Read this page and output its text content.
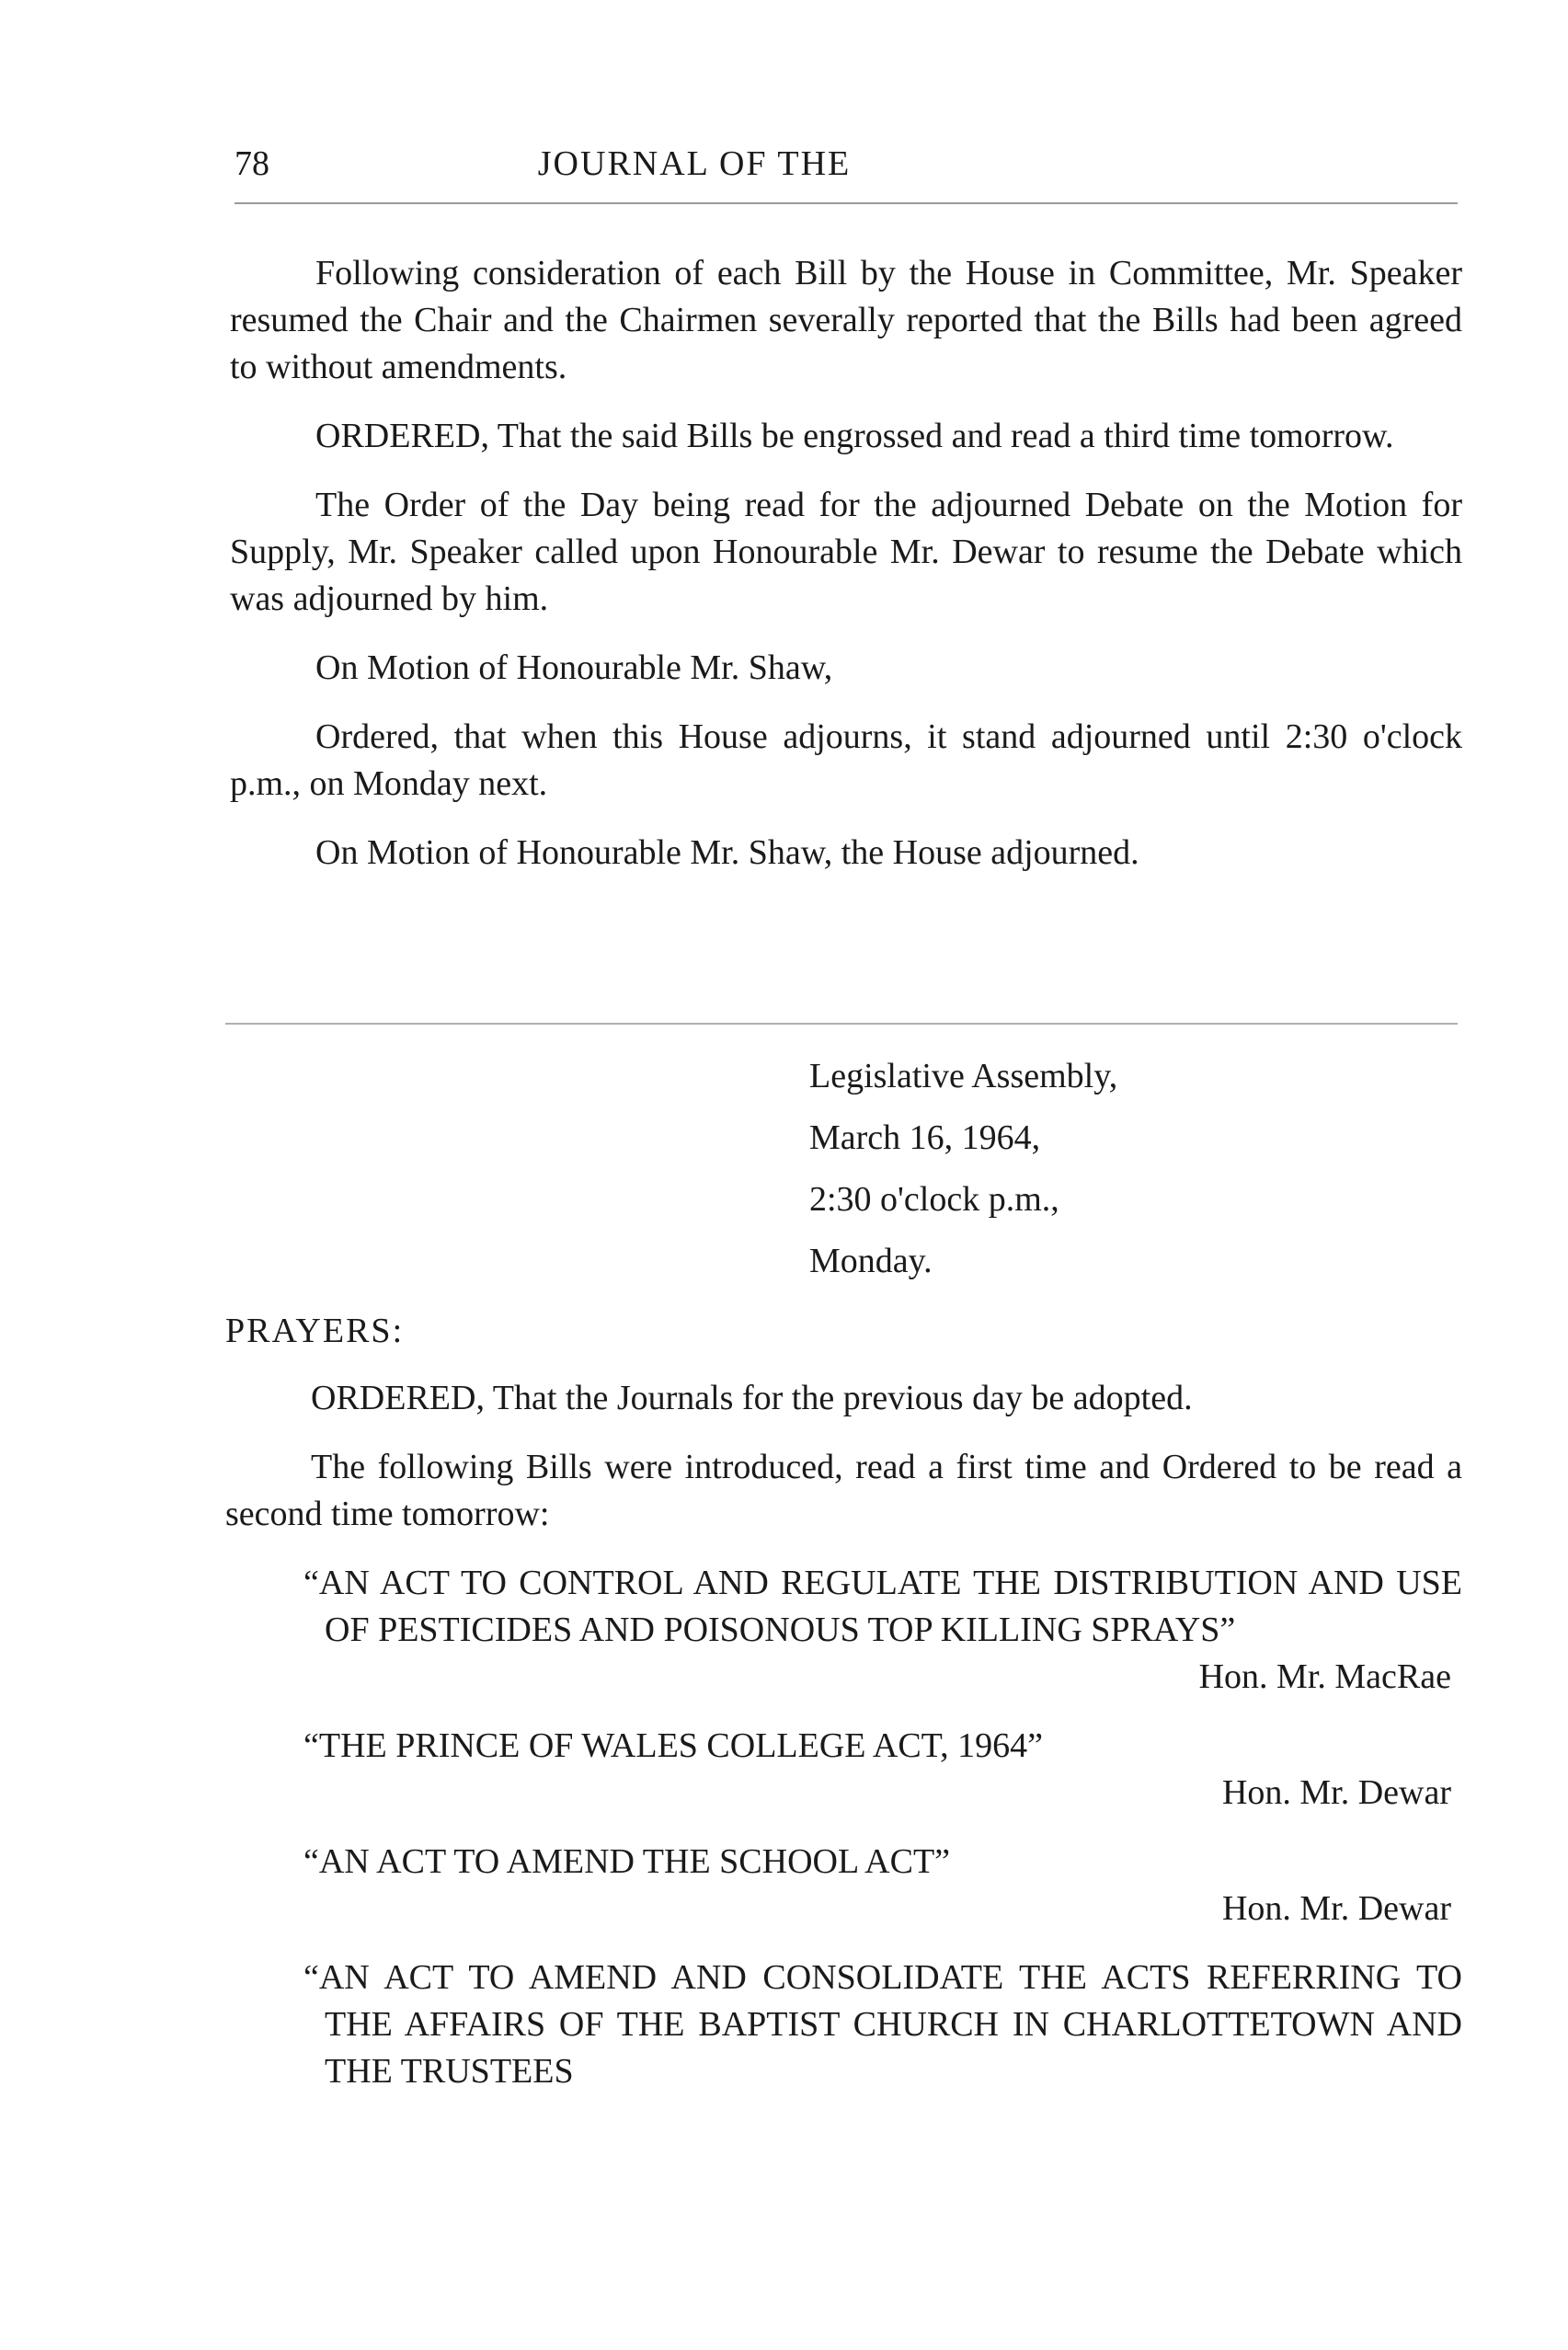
78	JOURNAL OF THE

Following consideration of each Bill by the House in Committee, Mr. Speaker resumed the Chair and the Chairmen severally reported that the Bills had been agreed to without amendments.

ORDERED, That the said Bills be engrossed and read a third time tomorrow.

The Order of the Day being read for the adjourned Debate on the Motion for Supply, Mr. Speaker called upon Honourable Mr. Dewar to resume the Debate which was adjourned by him.

On Motion of Honourable Mr. Shaw,

Ordered, that when this House adjourns, it stand adjourned until 2:30 o'clock p.m., on Monday next.

On Motion of Honourable Mr. Shaw, the House adjourned.

Legislative Assembly,
March 16, 1964,
2:30 o'clock p.m.,
Monday.

PRAYERS:

ORDERED, That the Journals for the previous day be adopted.

The following Bills were introduced, read a first time and Ordered to be read a second time tomorrow:

“AN ACT TO CONTROL AND REGULATE THE DISTRIBUTION AND USE OF PESTICIDES AND POISONOUS TOP KILLING SPRAYS”

Hon. Mr. MacRae

“THE PRINCE OF WALES COLLEGE ACT, 1964”

Hon. Mr. Dewar

“AN ACT TO AMEND THE SCHOOL ACT”

Hon. Mr. Dewar

“AN ACT TO AMEND AND CONSOLIDATE THE ACTS REFERRING TO THE AFFAIRS OF THE BAPTIST CHURCH IN CHARLOTTETOWN AND THE TRUSTEES
